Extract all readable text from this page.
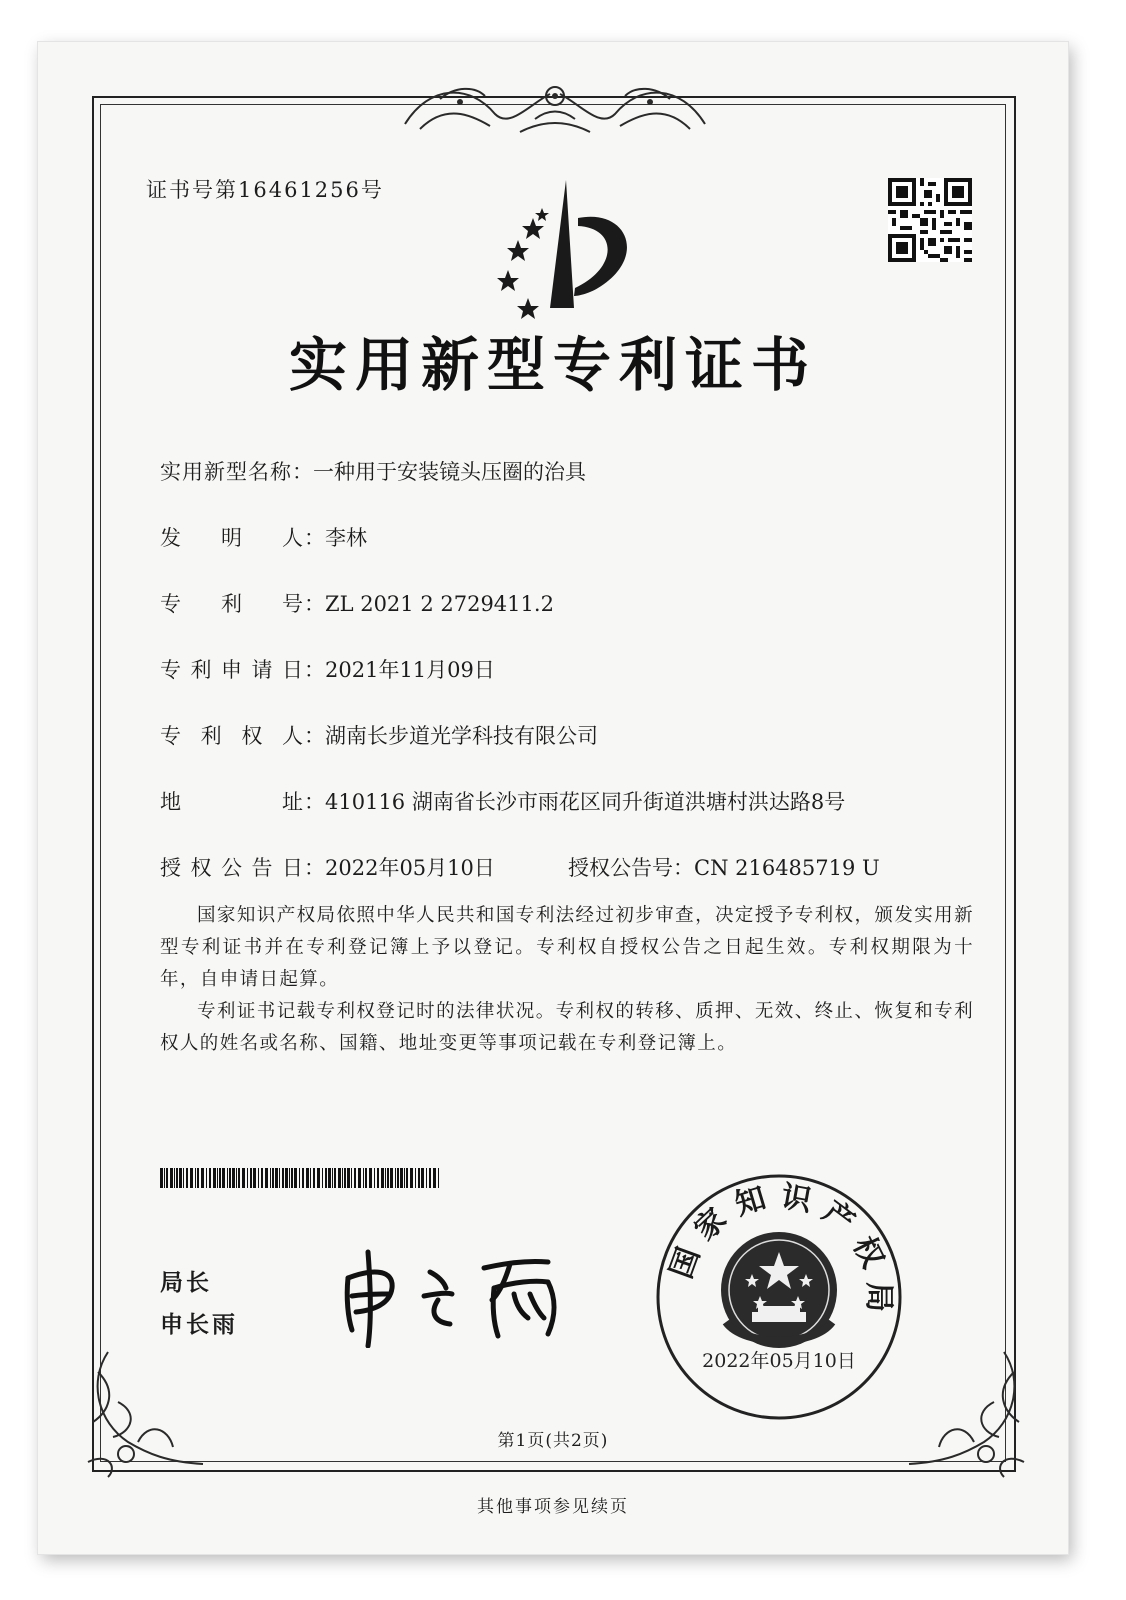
证书号第16461256号
实用新型专利证书
实用新型名称：一种用于安装镜头压圈的治具
发明人：李林
专利号：ZL 2021 2 2729411.2
专利申请日：2021年11月09日
专利权人：湖南长步道光学科技有限公司
地址：410116 湖南省长沙市雨花区同升街道洪塘村洪达路8号
授权公告日：2022年05月10日	授权公告号：CN 216485719 U
国家知识产权局依照中华人民共和国专利法经过初步审查，决定授予专利权，颁发实用新型专利证书并在专利登记簿上予以登记。专利权自授权公告之日起生效。专利权期限为十年，自申请日起算。
专利证书记载专利权登记时的法律状况。专利权的转移、质押、无效、终止、恢复和专利权人的姓名或名称、国籍、地址变更等事项记载在专利登记簿上。
局长
申长雨
国
家
知 识 产
权
局
2022年05月10日
第1页(共2页)
其他事项参见续页
